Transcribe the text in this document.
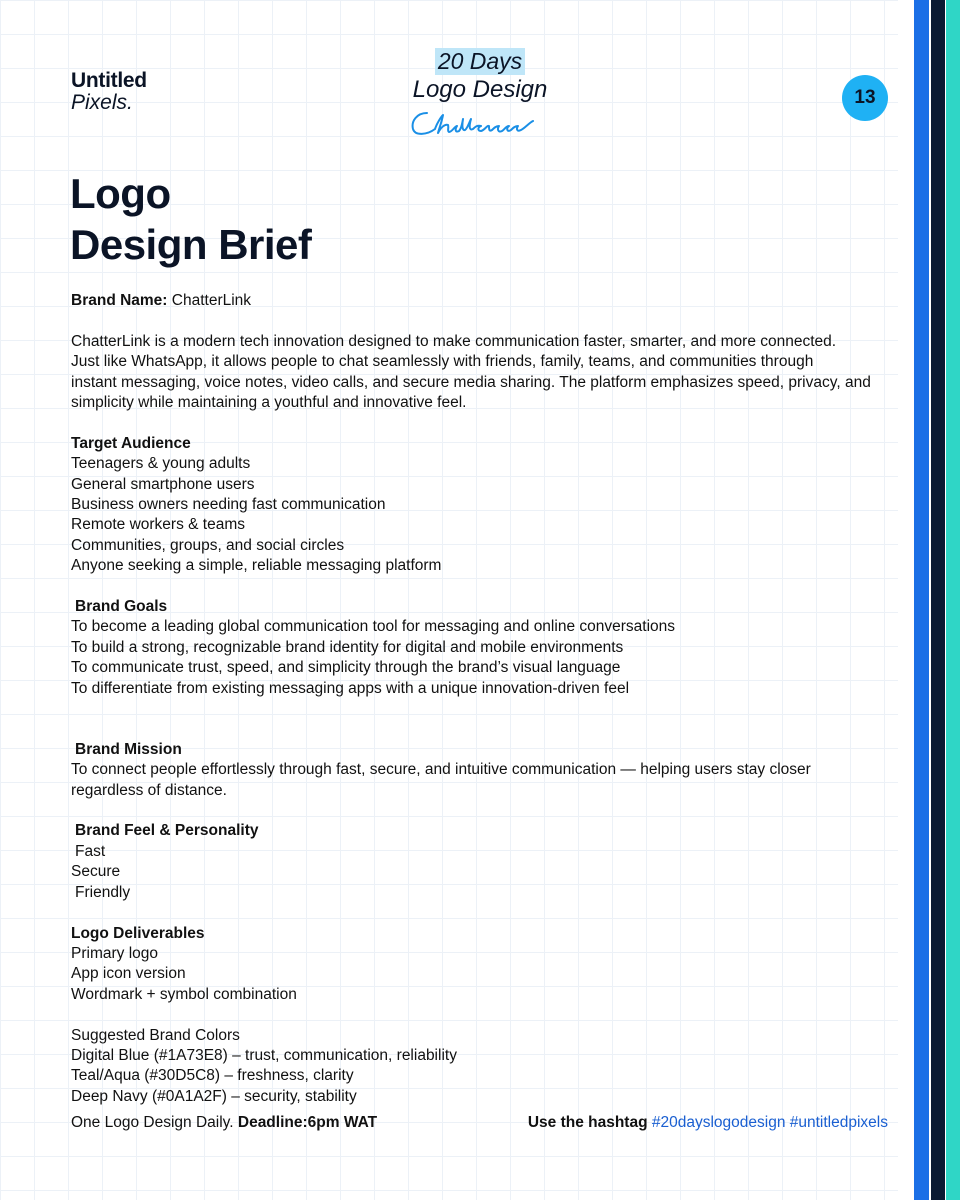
Untitled
Pixels.
20 Days
Logo Design	13
Logo
Design Brief

Brand Name: ChatterLink

ChatterLink is a modern tech innovation designed to make communication faster, smarter, and more connected.

Just like WhatsApp, it allows people to chat seamlessly with friends, family, teams, and communities through

instant messaging, voice notes, video calls, and secure media sharing. The platform emphasizes speed, privacy, and

simplicity while maintaining a youthful and innovative feel.

Target Audience

Teenagers & young adults

General smartphone users

Business owners needing fast communication

Remote workers & teams

Communities, groups, and social circles

Anyone seeking a simple, reliable messaging platform

Brand Goals

To become a leading global communication tool for messaging and online conversations

To build a strong, recognizable brand identity for digital and mobile environments

To communicate trust, speed, and simplicity through the brand’s visual language

To differentiate from existing messaging apps with a unique innovation-driven feel

Brand Mission

To connect people effortlessly through fast, secure, and intuitive communication — helping users stay closer

regardless of distance.

Brand Feel & Personality

Fast

Secure

Friendly

Logo Deliverables

Primary logo

App icon version

Wordmark + symbol combination

Suggested Brand Colors

Digital Blue (#1A73E8) – trust, communication, reliability

Teal/Aqua (#30D5C8) – freshness, clarity

Deep Navy (#0A1A2F) – security, stability

One Logo Design Daily. Deadline:6pm WAT	Use the hashtag #20dayslogodesign #untitledpixels
